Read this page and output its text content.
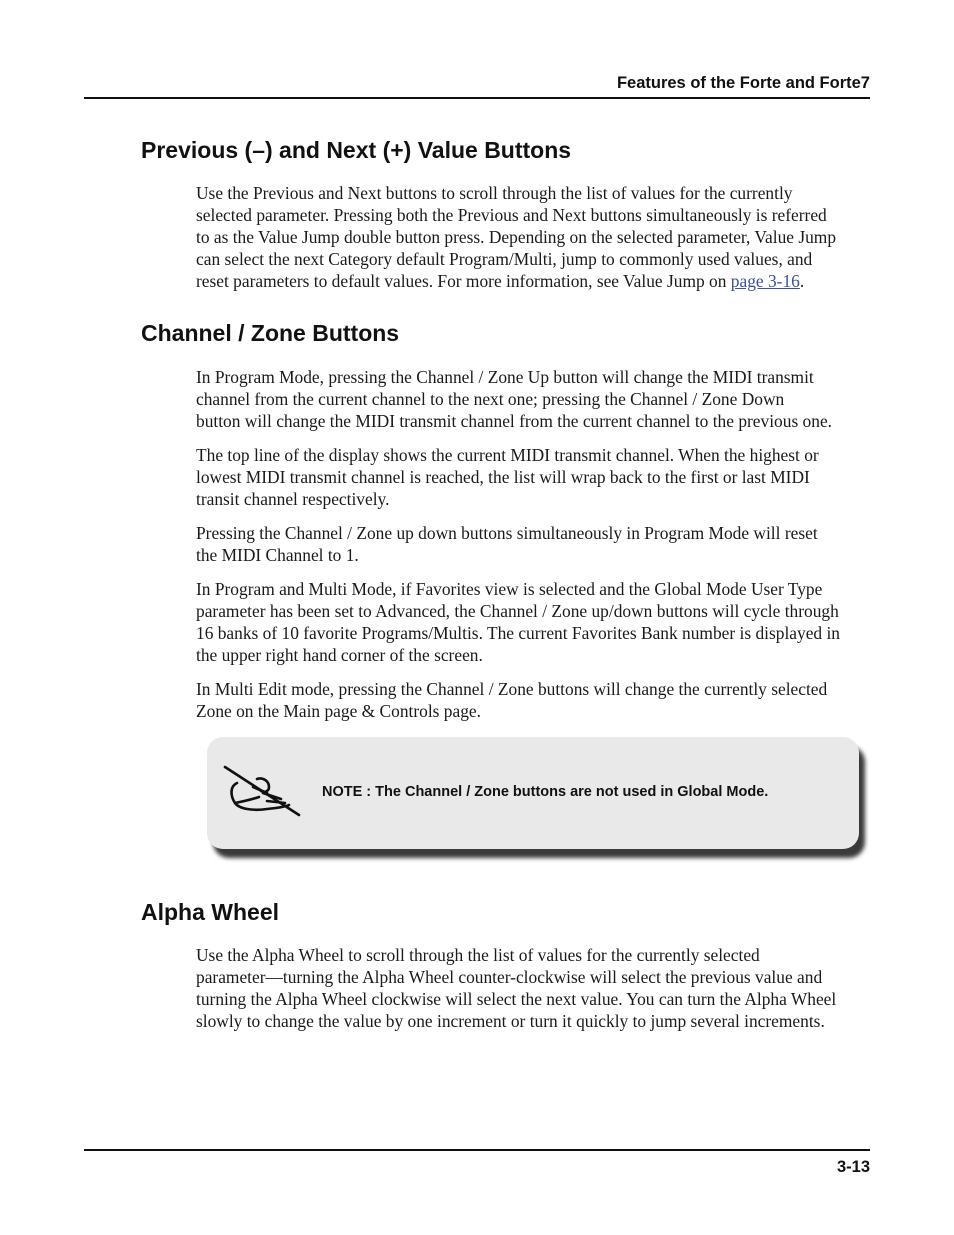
Features of the Forte and Forte7
Previous (–) and Next (+) Value Buttons

Use the Previous and Next buttons to scroll through the list of values for the currently
selected parameter. Pressing both the Previous and Next buttons simultaneously is referred
to as the Value Jump double button press. Depending on the selected parameter, Value Jump
can select the next Category default Program/Multi, jump to commonly used values, and
reset parameters to default values. For more information, see Value Jump on page 3-16.

Channel / Zone Buttons

In Program Mode, pressing the Channel / Zone Up button will change the MIDI transmit
channel from the current channel to the next one; pressing the Channel / Zone Down
button will change the MIDI transmit channel from the current channel to the previous one.

The top line of the display shows the current MIDI transmit channel. When the highest or
lowest MIDI transmit channel is reached, the list will wrap back to the first or last MIDI
transit channel respectively.

Pressing the Channel / Zone up down buttons simultaneously in Program Mode will reset
the MIDI Channel to 1.

In Program and Multi Mode, if Favorites view is selected and the Global Mode User Type
parameter has been set to Advanced, the Channel / Zone up/down buttons will cycle through
16 banks of 10 favorite Programs/Multis. The current Favorites Bank number is displayed in
the upper right hand corner of the screen.

In Multi Edit mode, pressing the Channel / Zone buttons will change the currently selected
Zone on the Main page & Controls page.

NOTE : The Channel / Zone buttons are not used in Global Mode.
Alpha Wheel

Use the Alpha Wheel to scroll through the list of values for the currently selected
parameter—turning the Alpha Wheel counter-clockwise will select the previous value and
turning the Alpha Wheel clockwise will select the next value. You can turn the Alpha Wheel
slowly to change the value by one increment or turn it quickly to jump several increments.

3-13
